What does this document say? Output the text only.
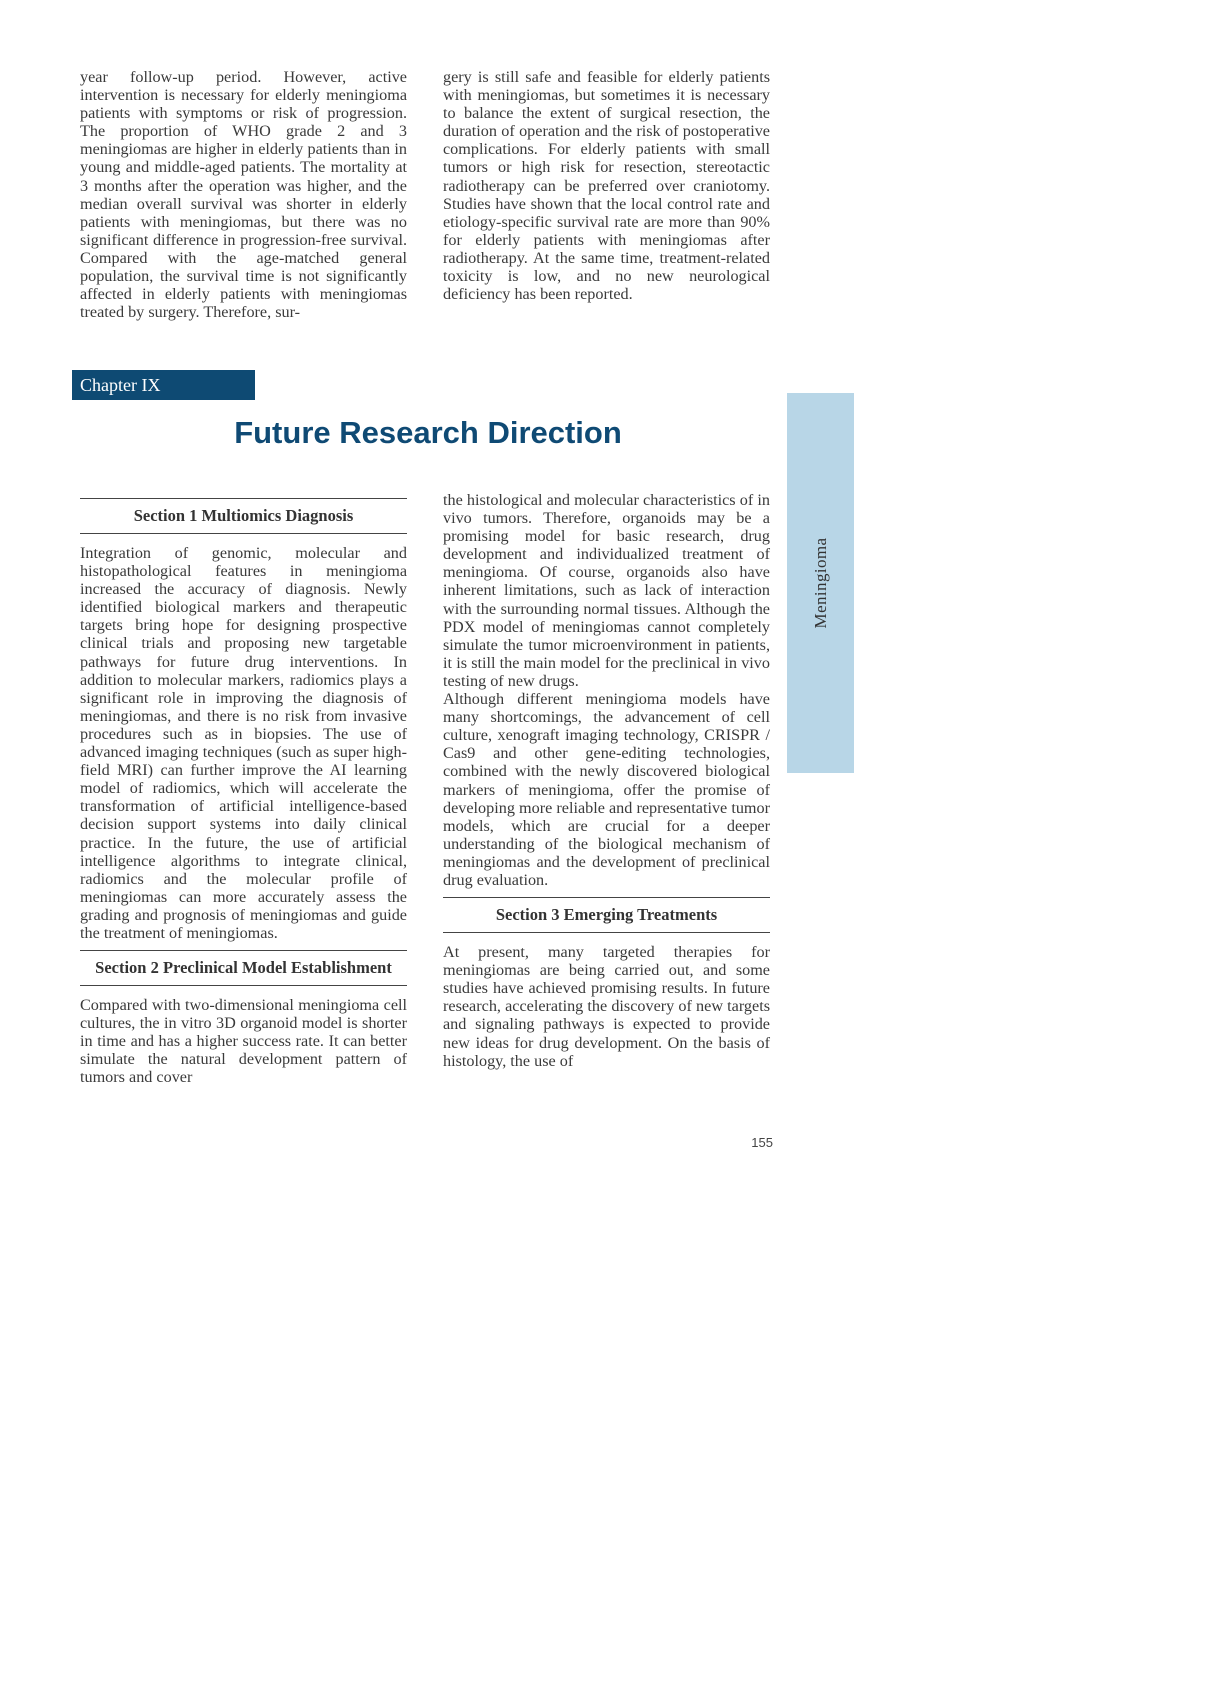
year follow-up period. However, active intervention is necessary for elderly meningioma patients with symptoms or risk of progression. The proportion of WHO grade 2 and 3 meningiomas are higher in elderly patients than in young and middle-aged patients. The mortality at 3 months after the operation was higher, and the median overall survival was shorter in elderly patients with meningiomas, but there was no significant difference in progression-free survival. Compared with the age-matched general population, the survival time is not significantly affected in elderly patients with meningiomas treated by surgery. Therefore, sur-

gery is still safe and feasible for elderly patients with meningiomas, but sometimes it is necessary to balance the extent of surgical resection, the duration of operation and the risk of postoperative complications. For elderly patients with small tumors or high risk for resection, stereotactic radiotherapy can be preferred over craniotomy. Studies have shown that the local control rate and etiology-specific survival rate are more than 90% for elderly patients with meningiomas after radiotherapy. At the same time, treatment-related toxicity is low, and no new neurological deficiency has been reported.

Chapter IX
Future Research Direction
Meningioma
Section 1 Multiomics Diagnosis

Integration of genomic, molecular and histopathological features in meningioma increased the accuracy of diagnosis. Newly identified biological markers and therapeutic targets bring hope for designing prospective clinical trials and proposing new targetable pathways for future drug interventions. In addition to molecular markers, radiomics plays a significant role in improving the diagnosis of meningiomas, and there is no risk from invasive procedures such as in biopsies. The use of advanced imaging techniques (such as super high-field MRI) can further improve the AI learning model of radiomics, which will accelerate the transformation of artificial intelligence-based decision support systems into daily clinical practice. In the future, the use of artificial intelligence algorithms to integrate clinical, radiomics and the molecular profile of meningiomas can more accurately assess the grading and prognosis of meningiomas and guide the treatment of meningiomas.

Section 2 Preclinical Model Establishment

Compared with two-dimensional meningioma cell cultures, the in vitro 3D organoid model is shorter in time and has a higher success rate. It can better simulate the natural development pattern of tumors and cover

the histological and molecular characteristics of in vivo tumors. Therefore, organoids may be a promising model for basic research, drug development and individualized treatment of meningioma. Of course, organoids also have inherent limitations, such as lack of interaction with the surrounding normal tissues. Although the PDX model of meningiomas cannot completely simulate the tumor microenvironment in patients, it is still the main model for the preclinical in vivo testing of new drugs.

Although different meningioma models have many shortcomings, the advancement of cell culture, xenograft imaging technology, CRISPR / Cas9 and other gene-editing technologies, combined with the newly discovered biological markers of meningioma, offer the promise of developing more reliable and representative tumor models, which are crucial for a deeper understanding of the biological mechanism of meningiomas and the development of preclinical drug evaluation.

Section 3 Emerging Treatments

At present, many targeted therapies for meningiomas are being carried out, and some studies have achieved promising results. In future research, accelerating the discovery of new targets and signaling pathways is expected to provide new ideas for drug development. On the basis of histology, the use of

155
